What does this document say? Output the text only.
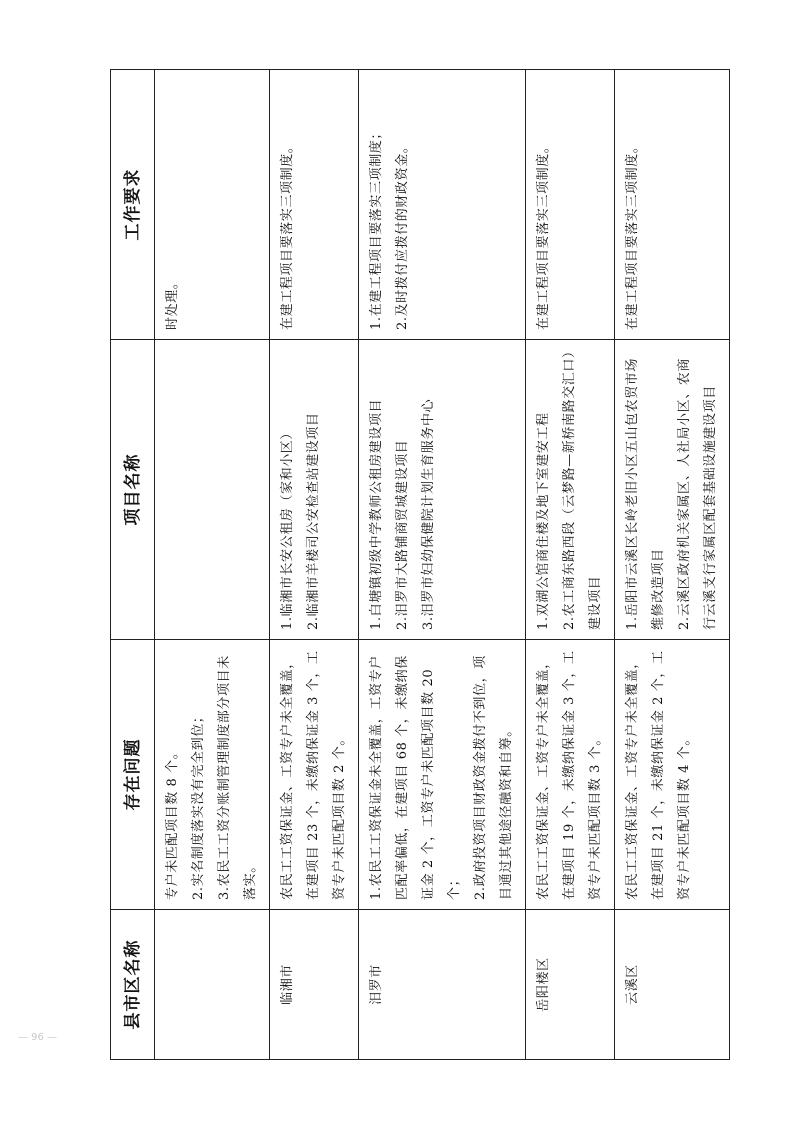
县市区名称	存在问题	项目名称	工作要求

	专户未匹配项目数 8 个。 2.实名制度落实没有完全到位； 3.农民工工资分账制管理制度部分项目未落实。		时处理。

临湘市	农民工工资保证金、工资专户未全覆盖，在建项目 23 个，未缴纳保证金 3 个，工资专户未匹配项目数 2 个。	1.临湘市长安公租房（家和小区） 2.临湘市羊楼司公安检查站建设项目	在建工程项目要落实三项制度。

汨罗市	1.农民工工资保证金未全覆盖，工资专户匹配率偏低，在建项目 68 个，未缴纳保证金 2 个，工资专户未匹配项目数 20 个； 2.政府投资项目财政资金拨付不到位，项目通过其他途径融资和自筹。	1.白塘镇初级中学教师公租房建设项目 2.汨罗市大路铺商贸城建设项目 3.汨罗市妇幼保健院计划生育服务中心	1.在建工程项目要落实三项制度； 2.及时拨付应拨付的财政资金。

岳阳楼区	农民工工资保证金、工资专户未全覆盖，在建项目 19 个，未缴纳保证金 3 个，工资专户未匹配项目数 3 个。	1.双湖公馆商住楼及地下室建安工程 2.农工商东路西段（云梦路—新桥南路交汇口）建设项目	在建工程项目要落实三项制度。

云溪区	农民工工资保证金、工资专户未全覆盖，在建项目 21 个，未缴纳保证金 2 个，工资专户未匹配项目数 4 个。	1.岳阳市云溪区长岭老旧小区五山包农贸市场维修改造项目 2.云溪区政府机关家属区、人社局小区、农商行云溪支行家属区配套基础设施建设项目	在建工程项目要落实三项制度。
— 96 —
